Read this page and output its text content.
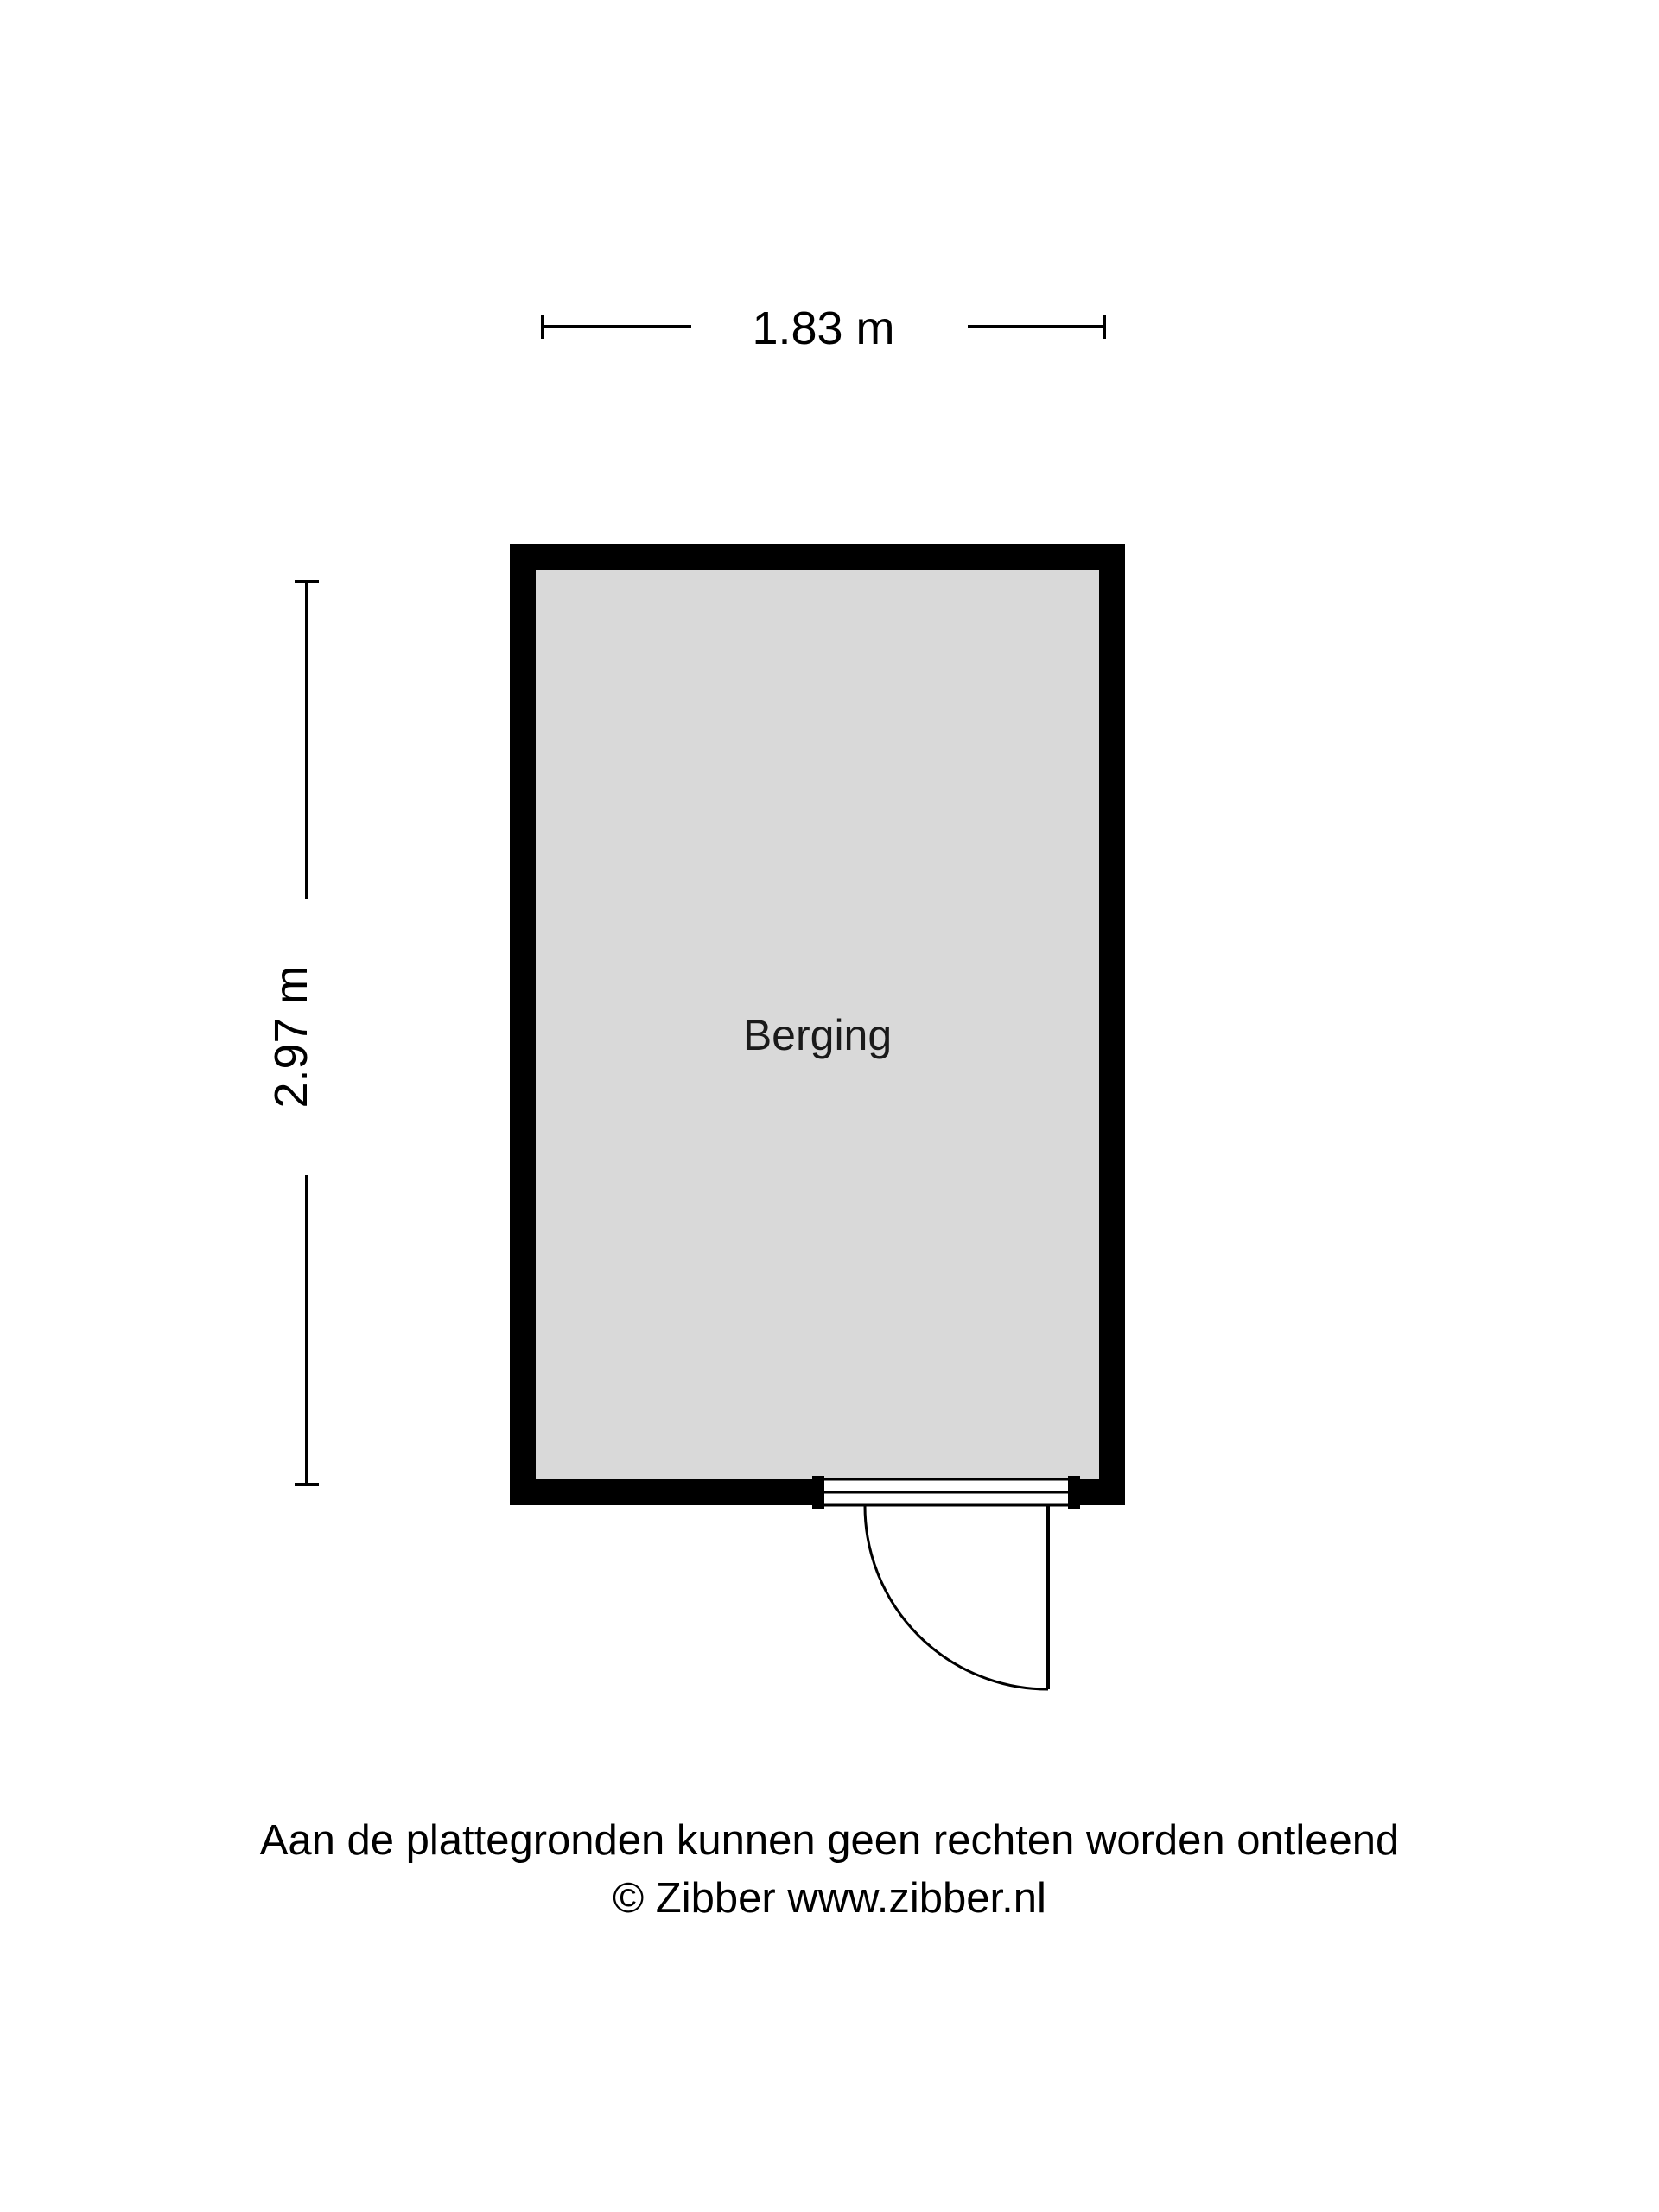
1.83 m
2.97 m	Berging
Aan de plattegronden kunnen geen rechten worden ontleend
© Zibber www.zibber.nl
